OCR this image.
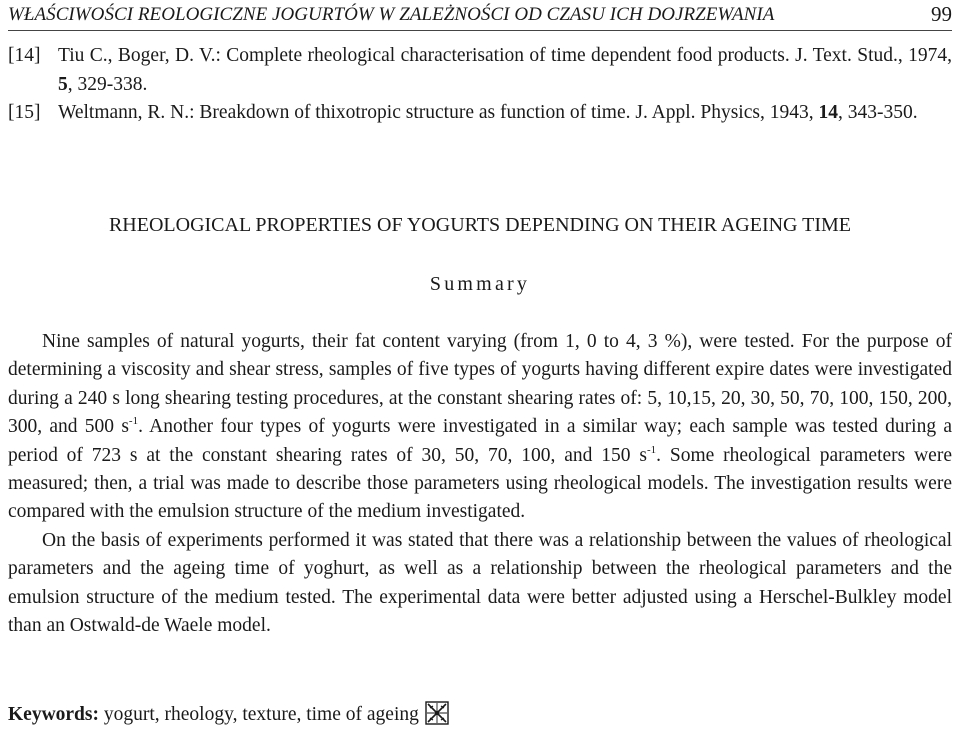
WŁAŚCIWOŚCI REOLOGICZNE JOGURTÓW W ZALEŻNOŚCI OD CZASU ICH DOJRZEWANIA	99
[14] Tiu C., Boger, D. V.: Complete rheological characterisation of time dependent food products. J. Text. Stud., 1974, 5, 329-338.
[15] Weltmann, R. N.: Breakdown of thixotropic structure as function of time. J. Appl. Physics, 1943, 14, 343-350.
RHEOLOGICAL PROPERTIES OF YOGURTS DEPENDING ON THEIR AGEING TIME
Summary

Nine samples of natural yogurts, their fat content varying (from 1, 0 to 4, 3 %), were tested. For the purpose of determining a viscosity and shear stress, samples of five types of yogurts having different expire dates were investigated during a 240 s long shearing testing procedures, at the constant shearing rates of: 5, 10,15, 20, 30, 50, 70, 100, 150, 200, 300, and 500 $s^{-1}$. Another four types of yogurts were investigated in a similar way; each sample was tested during a period of 723 s at the constant shearing rates of 30, 50, 70, 100, and 150 $s^{-1}$. Some rheological parameters were measured; then, a trial was made to describe those parameters using rheological models. The investigation results were compared with the emulsion structure of the medium investigated.

On the basis of experiments performed it was stated that there was a relationship between the values of rheological parameters and the ageing time of yoghurt, as well as a relationship between the rheological parameters and the emulsion structure of the medium tested. The experimental data were better adjusted using a Herschel-Bulkley model than an Ostwald-de Waele model.

Keywords: yogurt, rheology, texture, time of ageing
